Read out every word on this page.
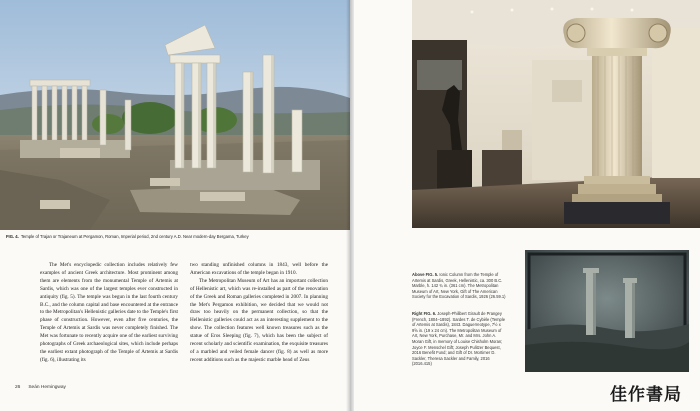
FIG. 4. Temple of Trajan or Trajaneum at Pergamon, Roman, Imperial period, 2nd century A.D. Near modern-day Bergama, Turkey

The Met's encyclopedic collection includes relatively few examples of ancient Greek architecture. Most prominent among them are elements from the monumental Temple of Artemis at Sardis, which was one of the largest temples ever constructed in antiquity (fig. 5). The temple was begun in the last fourth century B.C., and the column capital and base encountered at the entrance to the Metropolitan's Hellenistic galleries date to the Temple's first phase of construction. However, even after five centuries, the Temple of Artemis at Sardis was never completely finished. The Met was fortunate to recently acquire one of the earliest surviving photographs of Greek archaeological sites, which include perhaps the earliest extant photograph of the Temple of Artemis at Sardis (fig. 6), illustrating its

two standing unfinished columns in 1843, well before the American excavations of the temple began in 1910.

The Metropolitan Museum of Art has an important collection of Hellenistic art, which was re-installed as part of the renovation of the Greek and Roman galleries completed in 2007. In planning the Met's Pergamon exhibition, we decided that we would not draw too heavily on the permanent collection, so that the Hellenistic galleries could act as an interesting supplement to the show. The collection features well known treasures such as the statue of Eros Sleeping (fig. 7), which has been the subject of recent scholarly and scientific examination, the exquisite treasures of a marbled and veiled female dancer (fig. 8) as well as more recent additions such as the majestic marble head of Zeus

26 Seán Hemingway
Above FIG. 5. Ionic Column from the Temple of Artemis at Sardis, Greek, Hellenistic, ca. 300 B.C. Marble, h. 142 ¾ in. (361 cm). The Metropolitan Museum of Art, New York, Gift of The American Society for the Excavation of Sardis, 1926 (26.59.1)
Right FIG. 6. Joseph-Philibert Girault de Prangey (French, 1804–1892). Sardes T. de Cybèle (Temple of Artemis at Sardis), 1843. Daguerreotype, 7½ x 9⅝ in. (19 x 24 cm). The Metropolitan Museum of Art, New York, Purchase, Mr. and Mrs. John A. Moran Gift, in memory of Louise Chisholm Moran; Joyce F. Menschel Gift; Joseph Pulitzer Bequest, 2016 Benefit Fund; and Gift of Dr. Mortimer D. Sackler, Theresa Sackler and Family, 2016 (2016.415)
佳作書局
